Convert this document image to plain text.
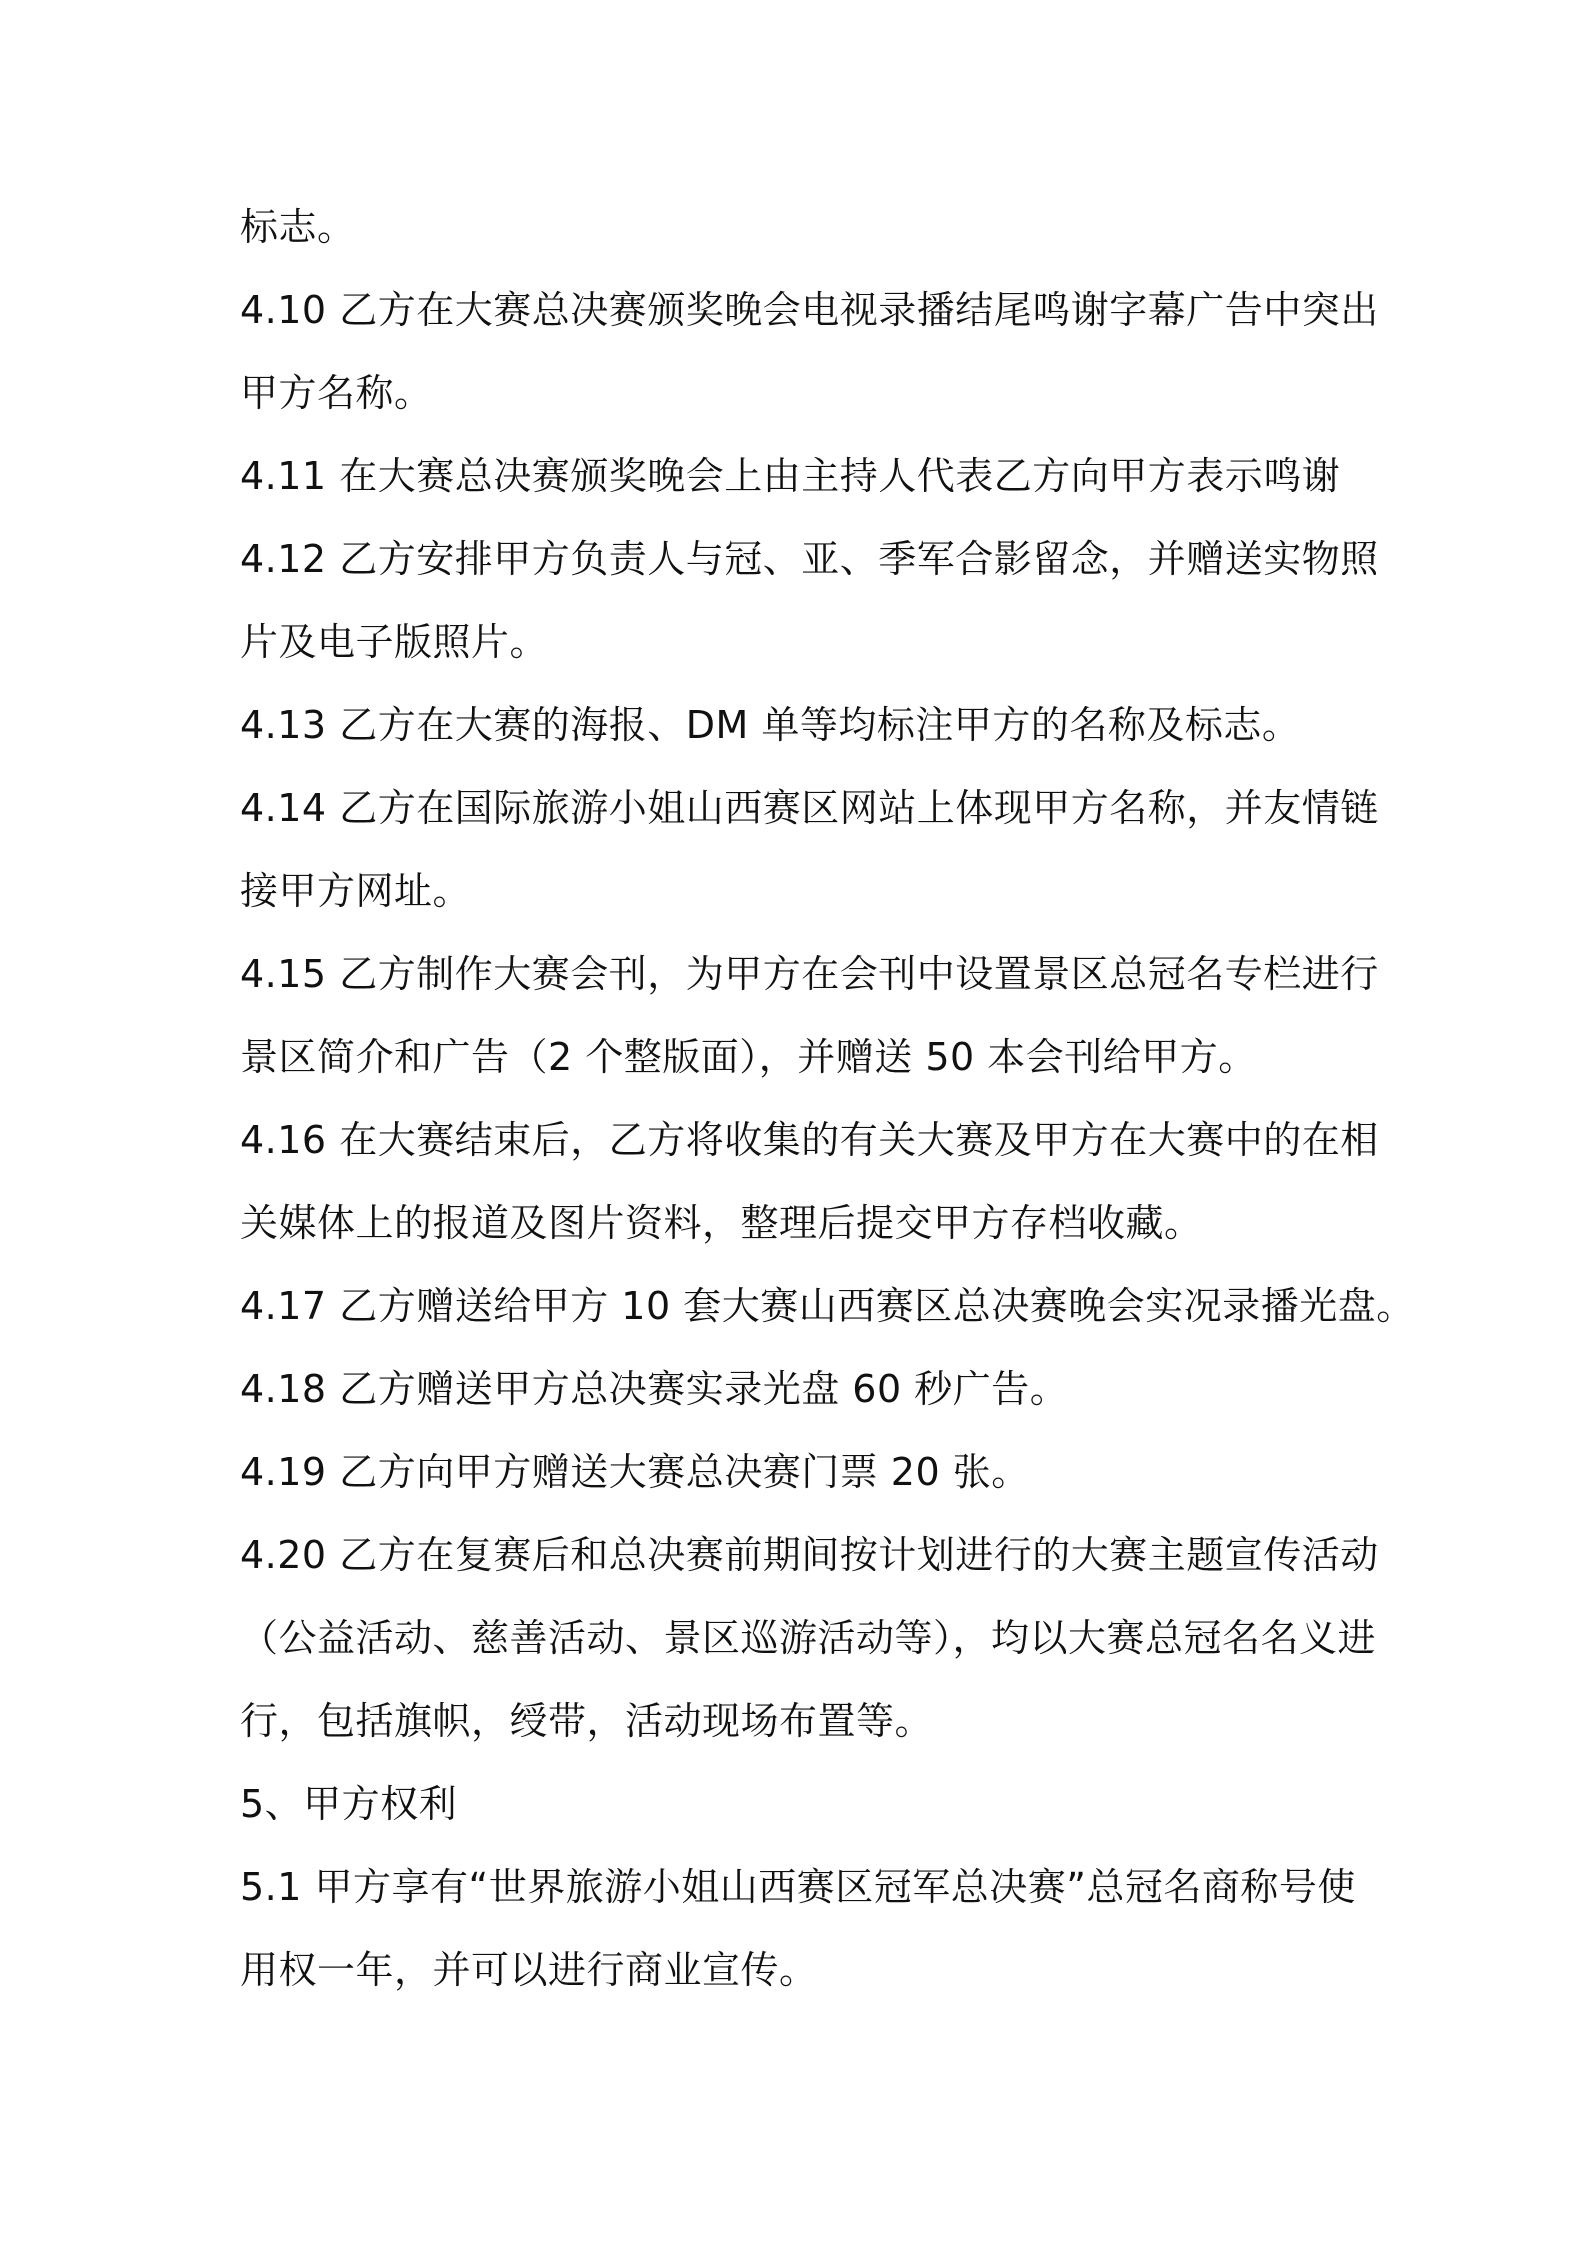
标志。
4.10 乙方在大赛总决赛颁奖晚会电视录播结尾鸣谢字幕广告中突出
甲方名称。
4.11 在大赛总决赛颁奖晚会上由主持人代表乙方向甲方表示鸣谢
4.12 乙方安排甲方负责人与冠、亚、季军合影留念，并赠送实物照
片及电子版照片。
4.13 乙方在大赛的海报、DM 单等均标注甲方的名称及标志。
4.14 乙方在国际旅游小姐山西赛区网站上体现甲方名称，并友情链
接甲方网址。
4.15 乙方制作大赛会刊，为甲方在会刊中设置景区总冠名专栏进行
景区简介和广告（2 个整版面），并赠送 50 本会刊给甲方。
4.16 在大赛结束后，乙方将收集的有关大赛及甲方在大赛中的在相
关媒体上的报道及图片资料，整理后提交甲方存档收藏。
4.17 乙方赠送给甲方 10 套大赛山西赛区总决赛晚会实况录播光盘。
4.18 乙方赠送甲方总决赛实录光盘 60 秒广告。
4.19 乙方向甲方赠送大赛总决赛门票 20 张。
4.20 乙方在复赛后和总决赛前期间按计划进行的大赛主题宣传活动
（公益活动、慈善活动、景区巡游活动等），均以大赛总冠名名义进
行，包括旗帜，绶带，活动现场布置等。
5、甲方权利
5.1 甲方享有“世界旅游小姐山西赛区冠军总决赛”总冠名商称号使
用权一年，并可以进行商业宣传。
